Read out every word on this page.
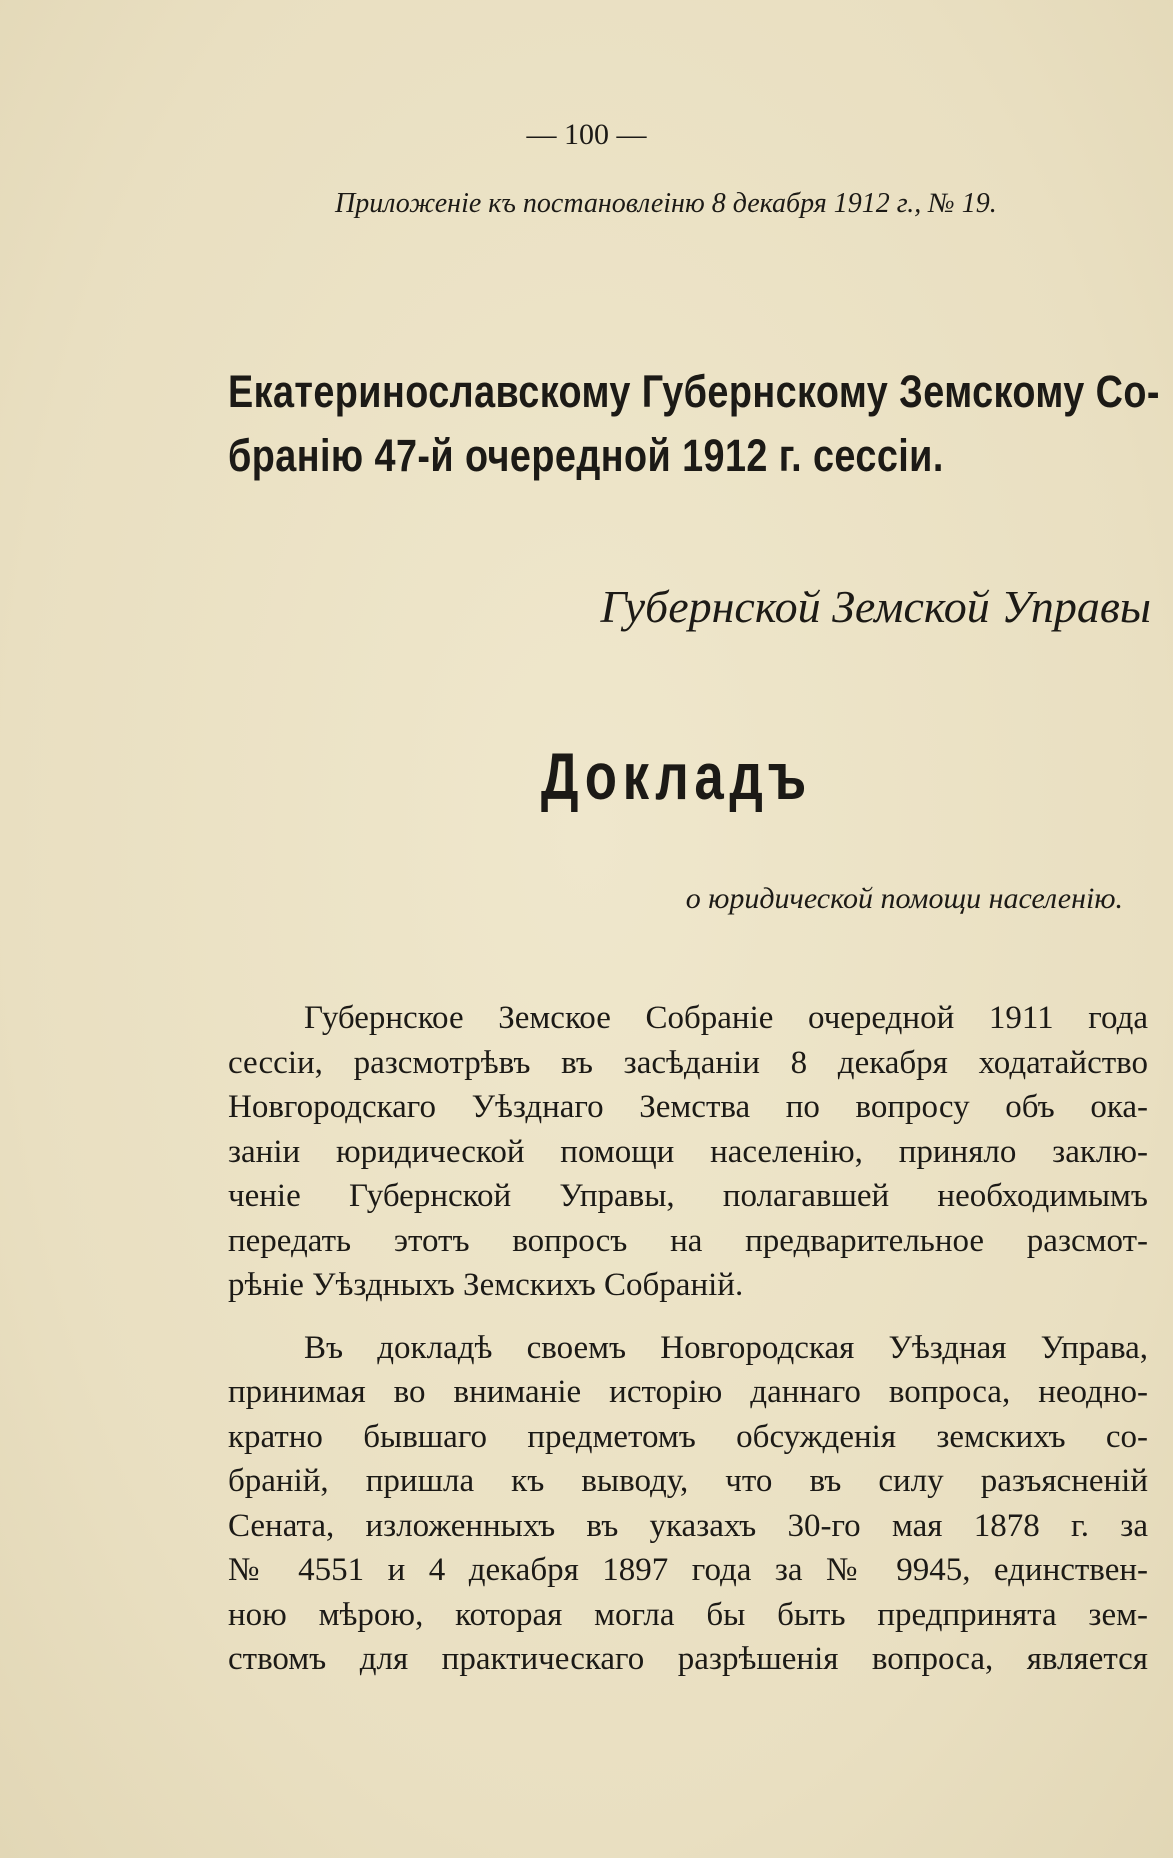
— 100 —
Приложенiе къ постановлеiню 8 декабря 1912 г., № 19.
Екатеринославскому Губернскому Земскому Со-
бранiю 47-й очередной 1912 г. сессiи.
Губернской Земской Управы
Докладъ
о юридической помощи населенiю.
Губернское Земское Собранiе очередной 1911 года
сессiи, разсмотрѣвъ въ засѣданiи 8 декабря ходатайство
Новгородскаго Уѣзднаго Земства по вопросу объ ока-
занiи юридической помощи населенiю, приняло заклю-
ченiе Губернской Управы, полагавшей необходимымъ
передать этотъ вопросъ на предварительное разсмот-
рѣнiе Уѣздныхъ Земскихъ Собранiй.
Въ докладѣ своемъ Новгородская Уѣздная Управа,
принимая во вниманiе исторiю даннаго вопроса, неодно-
кратно бывшаго предметомъ обсужденiя земскихъ со-
бранiй, пришла къ выводу, что въ силу разъясненiй
Сената, изложенныхъ въ указахъ 30-го мая 1878 г. за
№ 4551 и 4 декабря 1897 года за № 9945, единствен-
ною мѣрою, которая могла бы быть предпринята зем-
ствомъ для практическаго разрѣшенiя вопроса, является
